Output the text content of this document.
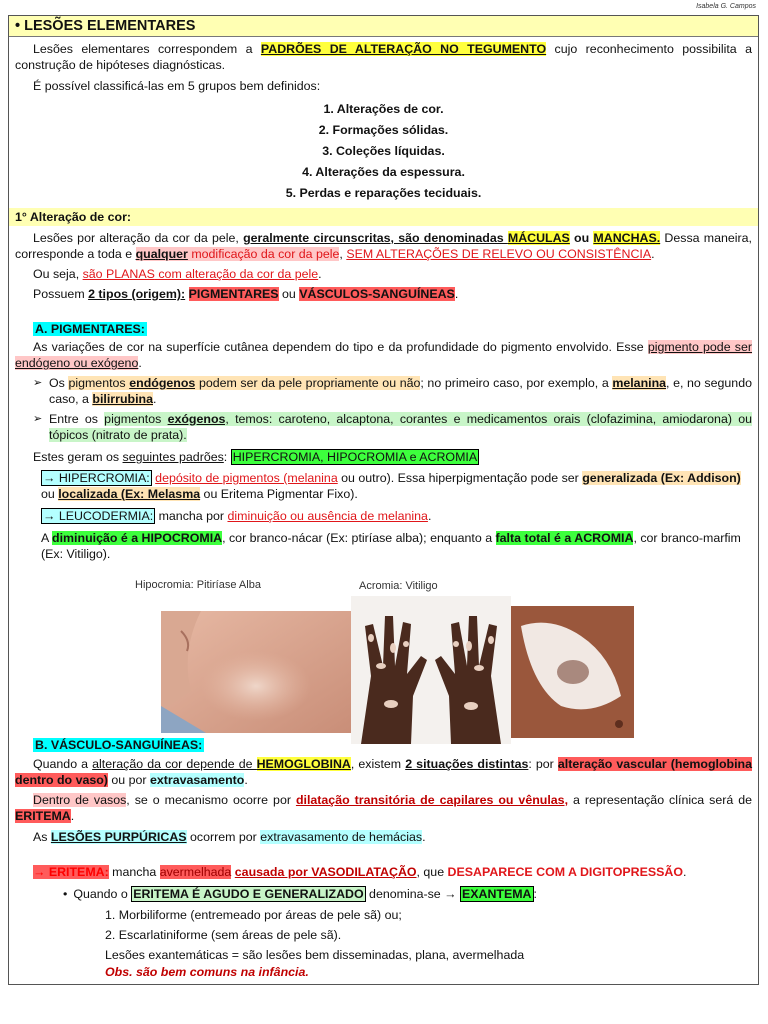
Isabela G. Campos
• LESÕES ELEMENTARES
Lesões elementares correspondem a PADRÕES DE ALTERAÇÃO NO TEGUMENTO cujo reconhecimento possibilita a construção de hipóteses diagnósticas.
É possível classificá-las em 5 grupos bem definidos:
1. Alterações de cor.
2. Formações sólidas.
3. Coleções líquidas.
4. Alterações da espessura.
5. Perdas e reparações teciduais.
1° Alteração de cor:
Lesões por alteração da cor da pele, geralmente circunscritas, são denominadas MÁCULAS ou MANCHAS. Dessa maneira, corresponde a toda e qualquer modificação da cor da pele, SEM ALTERAÇÕES DE RELEVO OU CONSISTÊNCIA.
Ou seja, são PLANAS com alteração da cor da pele.
Possuem 2 tipos (origem): PIGMENTARES ou VÁSCULOS-SANGUÍNEAS.
A. PIGMENTARES:
As variações de cor na superfície cutânea dependem do tipo e da profundidade do pigmento envolvido. Esse pigmento pode ser endógeno ou exógeno.
➢ Os pigmentos endógenos podem ser da pele propriamente ou não; no primeiro caso, por exemplo, a melanina, e, no segundo caso, a bilirrubina.
➢ Entre os pigmentos exógenos, temos: caroteno, alcaptona, corantes e medicamentos orais (clofazimina, amiodarona) ou tópicos (nitrato de prata).
Estes geram os seguintes padrões: HIPERCROMIA, HIPOCROMIA e ACROMIA
→ HIPERCROMIA: depósito de pigmentos (melanina ou outro). Essa hiperpigmentação pode ser generalizada (Ex: Addison) ou localizada (Ex: Melasma ou Eritema Pigmentar Fixo).
→ LEUCODERMIA: mancha por diminuição ou ausência de melanina.
A diminuição é a HIPOCROMIA, cor branco-nácar (Ex: ptiríase alba); enquanto a falta total é a ACROMIA, cor branco-marfim (Ex: Vitiligo).
Hipocromia: Pitiríase Alba	Acromia: Vitiligo
B. VÁSCULO-SANGUÍNEAS:
Quando a alteração da cor depende de HEMOGLOBINA, existem 2 situações distintas: por alteração vascular (hemoglobina dentro do vaso) ou por extravasamento.
Dentro de vasos, se o mecanismo ocorre por dilatação transitória de capilares ou vênulas, a representação clínica será de ERITEMA.
As LESÕES PURPÚRICAS ocorrem por extravasamento de hemácias.
→ ERITEMA: mancha avermelhada causada por VASODILATAÇÃO, que DESAPARECE COM A DIGITOPRESSÃO.
• Quando o ERITEMA É AGUDO E GENERALIZADO denomina-se → EXANTEMA :
1. Morbiliforme (entremeado por áreas de pele sã) ou;
2. Escarlatiniforme (sem áreas de pele sã).
Lesões exantemáticas = são lesões bem disseminadas, plana, avermelhada
Obs. são bem comuns na infância.
